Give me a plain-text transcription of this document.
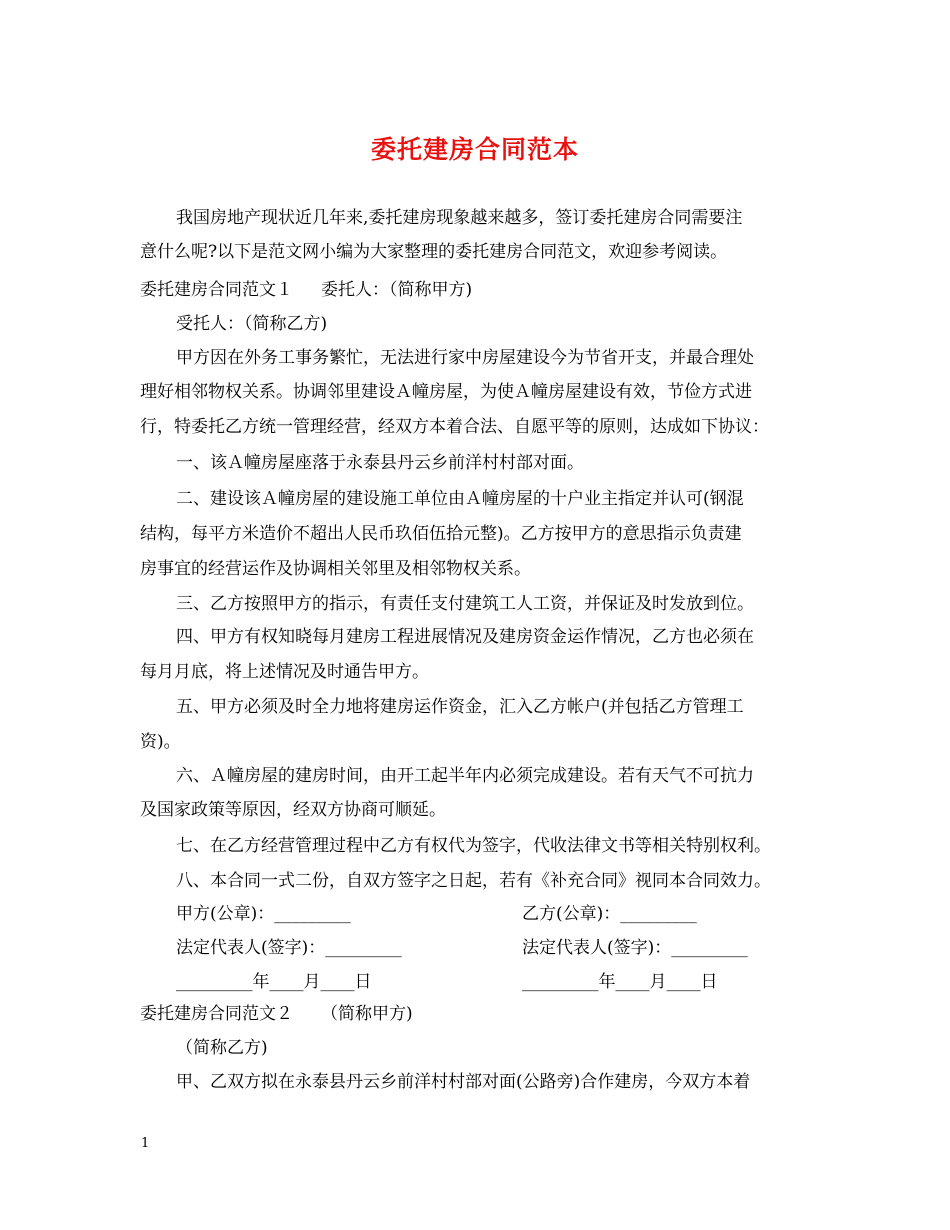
委托建房合同范本
我国房地产现状近几年来,委托建房现象越来越多，签订委托建房合同需要注
意什么呢?以下是范文网小编为大家整理的委托建房合同范文，欢迎参考阅读。
委托建房合同范文１ 委托人：（简称甲方)
受托人：（简称乙方)
甲方因在外务工事务繁忙，无法进行家中房屋建设今为节省开支，并最合理处
理好相邻物权关系。协调邻里建设Ａ幢房屋，为使Ａ幢房屋建设有效，节俭方式进
行，特委托乙方统一管理经营，经双方本着合法、自愿平等的原则，达成如下协议：
一、该Ａ幢房屋座落于永泰县丹云乡前洋村村部对面。
二、建设该Ａ幢房屋的建设施工单位由Ａ幢房屋的十户业主指定并认可(钢混
结构，每平方米造价不超出人民币玖佰伍拾元整)。乙方按甲方的意思指示负责建
房事宜的经营运作及协调相关邻里及相邻物权关系。
三、乙方按照甲方的指示，有责任支付建筑工人工资，并保证及时发放到位。
四、甲方有权知晓每月建房工程进展情况及建房资金运作情况，乙方也必须在
每月月底，将上述情况及时通告甲方。
五、甲方必须及时全力地将建房运作资金，汇入乙方帐户(并包括乙方管理工
资)。
六、Ａ幢房屋的建房时间，由开工起半年内必须完成建设。若有天气不可抗力
及国家政策等原因，经双方协商可顺延。
七、在乙方经营管理过程中乙方有权代为签字，代收法律文书等相关特别权利。
八、本合同一式二份，自双方签字之日起，若有《补充合同》视同本合同效力。
甲方(公章)：_________	乙方(公章)：_________
法定代表人(签字)：_________	法定代表人(签字)：_________
_________年____月____日	_________年____月____日
委托建房合同范文２ （简称甲方)
（简称乙方)
甲、乙双方拟在永泰县丹云乡前洋村村部对面(公路旁)合作建房，今双方本着
1
